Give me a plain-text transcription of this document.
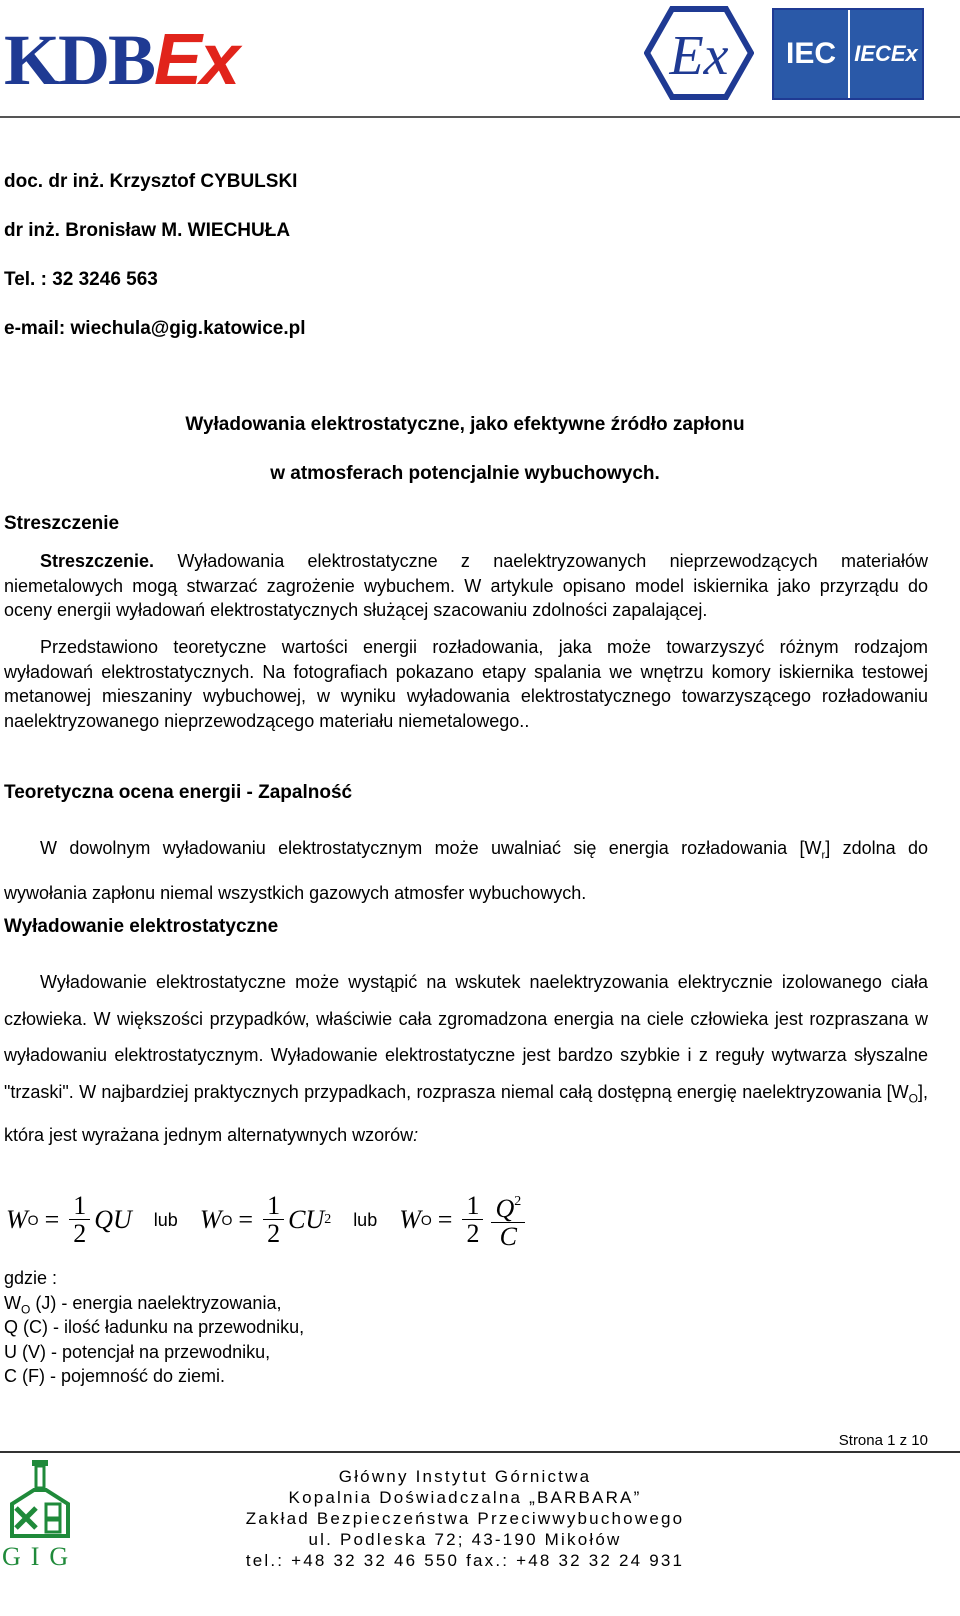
KDBEx	Ex IEC IECEx
doc. dr inż. Krzysztof CYBULSKI
dr inż. Bronisław M. WIECHUŁA
Tel. : 32 3246 563
e-mail: wiechula@gig.katowice.pl
Wyładowania elektrostatyczne, jako efektywne źródło zapłonu
w atmosferach potencjalnie wybuchowych.
Streszczenie
Streszczenie. Wyładowania elektrostatyczne z naelektryzowanych nieprzewodzących materiałów niemetalowych mogą stwarzać zagrożenie wybuchem. W artykule opisano model iskiernika jako przyrządu do oceny energii wyładowań elektrostatycznych służącej szacowaniu zdolności zapalającej.
Przedstawiono teoretyczne wartości energii rozładowania, jaka może towarzyszyć różnym rodzajom wyładowań elektrostatycznych. Na fotografiach pokazano etapy spalania we wnętrzu komory iskiernika testowej metanowej mieszaniny wybuchowej, w wyniku wyładowania elektrostatycznego towarzyszącego rozładowaniu naelektryzowanego nieprzewodzącego materiału niemetalowego..
Teoretyczna ocena energii - Zapalność
W dowolnym wyładowaniu elektrostatycznym może uwalniać się energia rozładowania $[W_r]$ zdolna do wywołania zapłonu niemal wszystkich gazowych atmosfer wybuchowych.
Wyładowanie elektrostatyczne
Wyładowanie elektrostatyczne może wystąpić na wskutek naelektryzowania elektrycznie izolowanego ciała człowieka. W większości przypadków, właściwie cała zgromadzona energia na ciele człowieka jest rozpraszana w wyładowaniu elektrostatycznym. Wyładowanie elektrostatyczne jest bardzo szybkie i z reguły wytwarza słyszalne "trzaski". W najbardziej praktycznych przypadkach, rozprasza niemal całą dostępną energię naelektryzowania $[W_O]$, która jest wyrażana jednym alternatywnych wzorów:
W $O = \frac{1}{2}$ QU lub W $O = \frac{1}{2}$ CU 2 lub W $O = \frac{1}{2} \frac{Q^2}{C}$
gdzie :
$W_O$ (J) - energia naelektryzowania,
Q (C) - ilość ładunku na przewodniku,
U (V) - potencjał na przewodniku,
C (F) - pojemność do ziemi.
Strona 1 z 10
GIG
Główny Instytut Górnictwa
Kopalnia Doświadczalna „BARBARA”
Zakład Bezpieczeństwa Przeciwwybuchowego
ul. Podleska 72; 43-190 Mikołów
tel.: +48 32 32 46 550 fax.: +48 32 32 24 931
